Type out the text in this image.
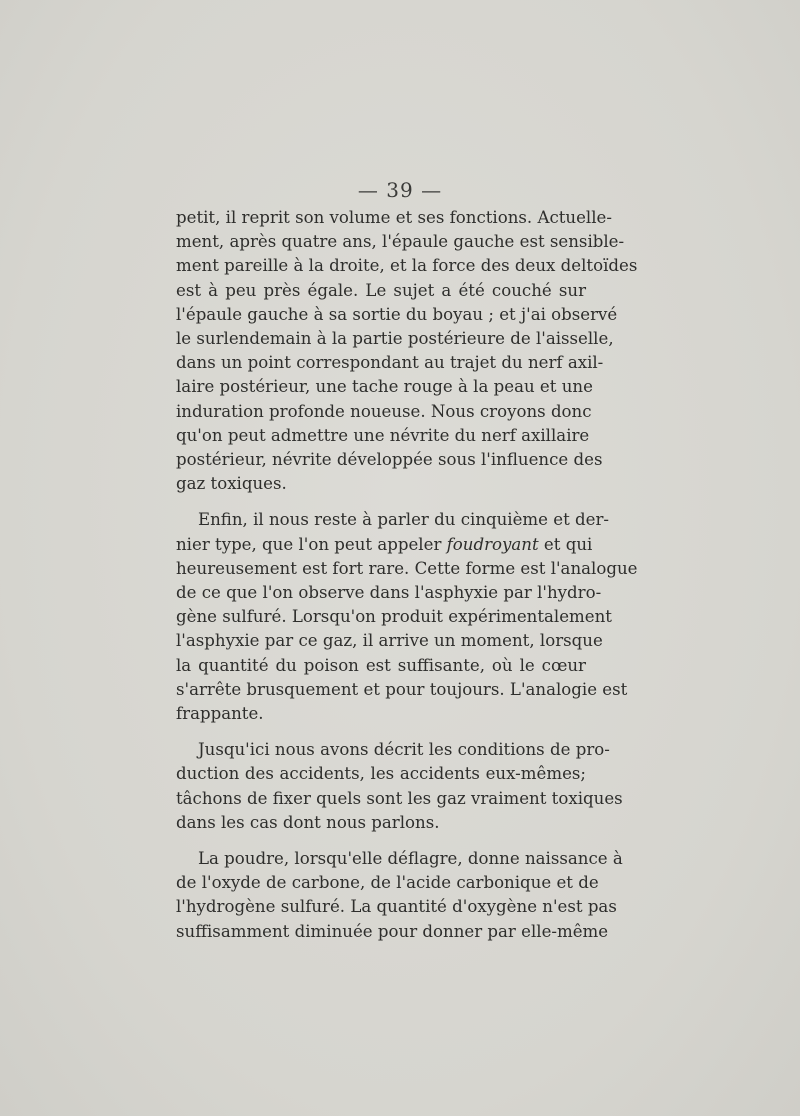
— 39 —
petit, il reprit son volume et ses fonctions. Actuelle-
ment, après quatre ans, l'épaule gauche est sensible-
ment pareille à la droite, et la force des deux deltoïdes
est à peu près égale. Le sujet a été couché sur
l'épaule gauche à sa sortie du boyau ; et j'ai observé
le surlendemain à la partie postérieure de l'aisselle,
dans un point correspondant au trajet du nerf axil-
laire postérieur, une tache rouge à la peau et une
induration profonde noueuse. Nous croyons donc
qu'on peut admettre une névrite du nerf axillaire
postérieur, névrite développée sous l'influence des
gaz toxiques.
Enfin, il nous reste à parler du cinquième et der-
nier type, que l'on peut appeler foudroyant et qui
heureusement est fort rare. Cette forme est l'analogue
de ce que l'on observe dans l'asphyxie par l'hydro-
gène sulfuré. Lorsqu'on produit expérimentalement
l'asphyxie par ce gaz, il arrive un moment, lorsque
la quantité du poison est suffisante, où le cœur
s'arrête brusquement et pour toujours. L'analogie est
frappante.
Jusqu'ici nous avons décrit les conditions de pro-
duction des accidents, les accidents eux-mêmes;
tâchons de fixer quels sont les gaz vraiment toxiques
dans les cas dont nous parlons.
La poudre, lorsqu'elle déflagre, donne naissance à
de l'oxyde de carbone, de l'acide carbonique et de
l'hydrogène sulfuré. La quantité d'oxygène n'est pas
suffisamment diminuée pour donner par elle-même
